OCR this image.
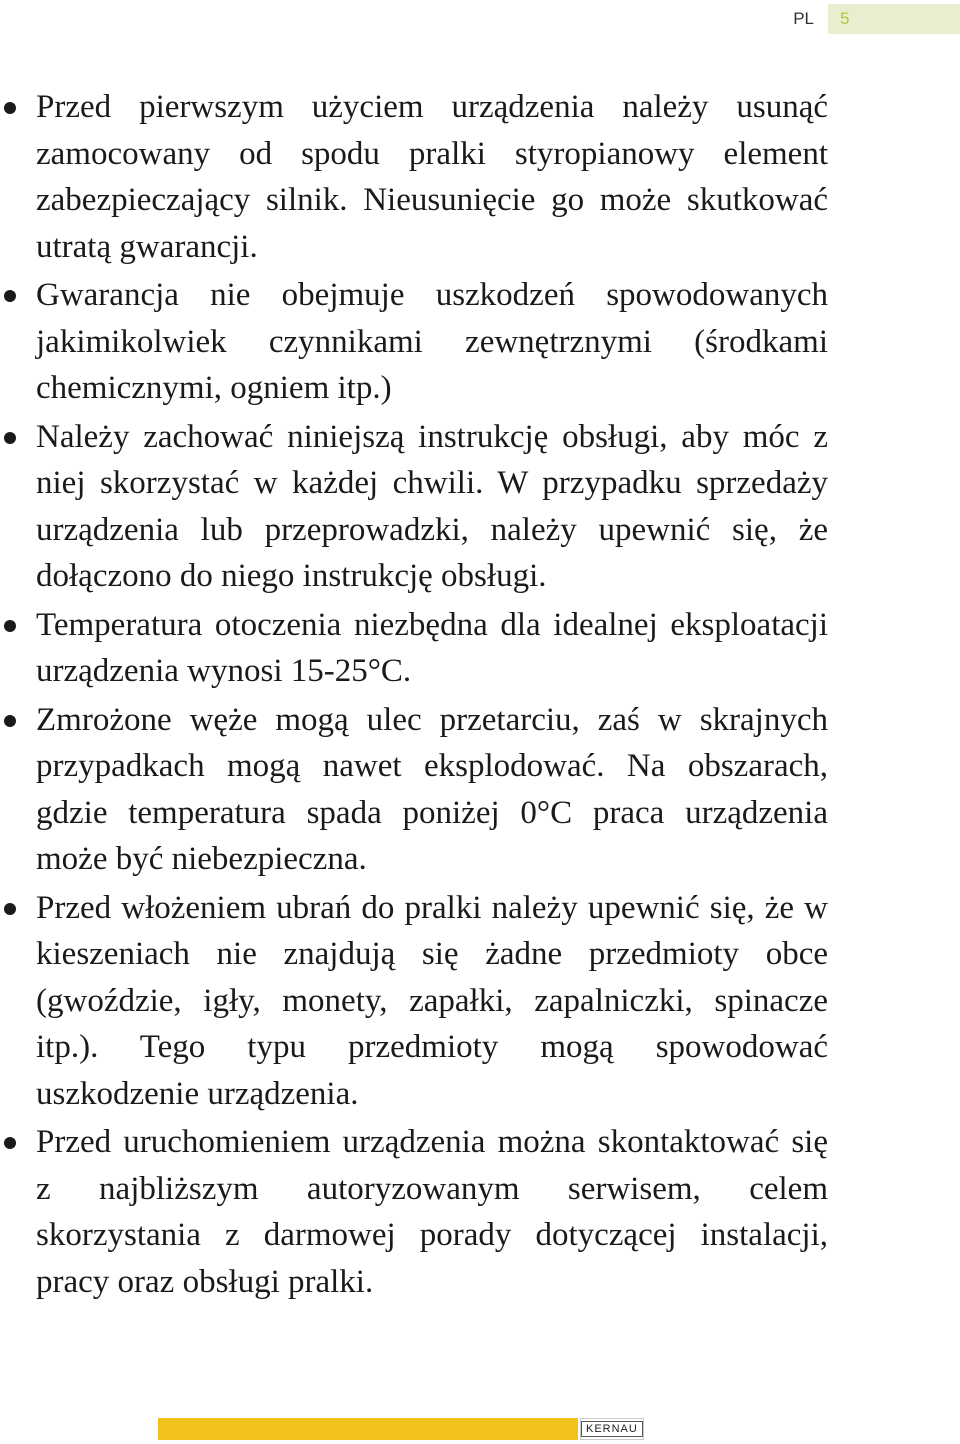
PL	5
Przed pierwszym użyciem urządzenia należy usunąć zamocowany od spodu pralki styropianowy element zabezpieczający silnik. Nieusunięcie go może skutkować utratą gwarancji.
Gwarancja nie obejmuje uszkodzeń spowodowanych jakimikolwiek czynnikami zewnętrznymi (środkami chemicznymi, ogniem itp.)
Należy zachować niniejszą instrukcję obsługi, aby móc z niej skorzystać w każdej chwili. W przypadku sprzedaży urządzenia lub przeprowadzki, należy upewnić się, że dołączono do niego instrukcję obsługi.
Temperatura otoczenia niezbędna dla idealnej eksploatacji urządzenia wynosi 15-25°C.
Zmrożone węże mogą ulec przetarciu, zaś w skrajnych przypadkach mogą nawet eksplodować. Na obszarach, gdzie temperatura spada poniżej 0°C praca urządzenia może być niebezpieczna.
Przed włożeniem ubrań do pralki należy upewnić się, że w kieszeniach nie znajdują się żadne przedmioty obce (gwoździe, igły, monety, zapałki, zapalniczki, spinacze itp.). Tego typu przedmioty mogą spowodować uszkodzenie urządzenia.
Przed uruchomieniem urządzenia można skontaktować się z najbliższym autoryzowanym serwisem, celem skorzystania z darmowej porady dotyczącej instalacji, pracy oraz obsługi pralki.
KERNAU
